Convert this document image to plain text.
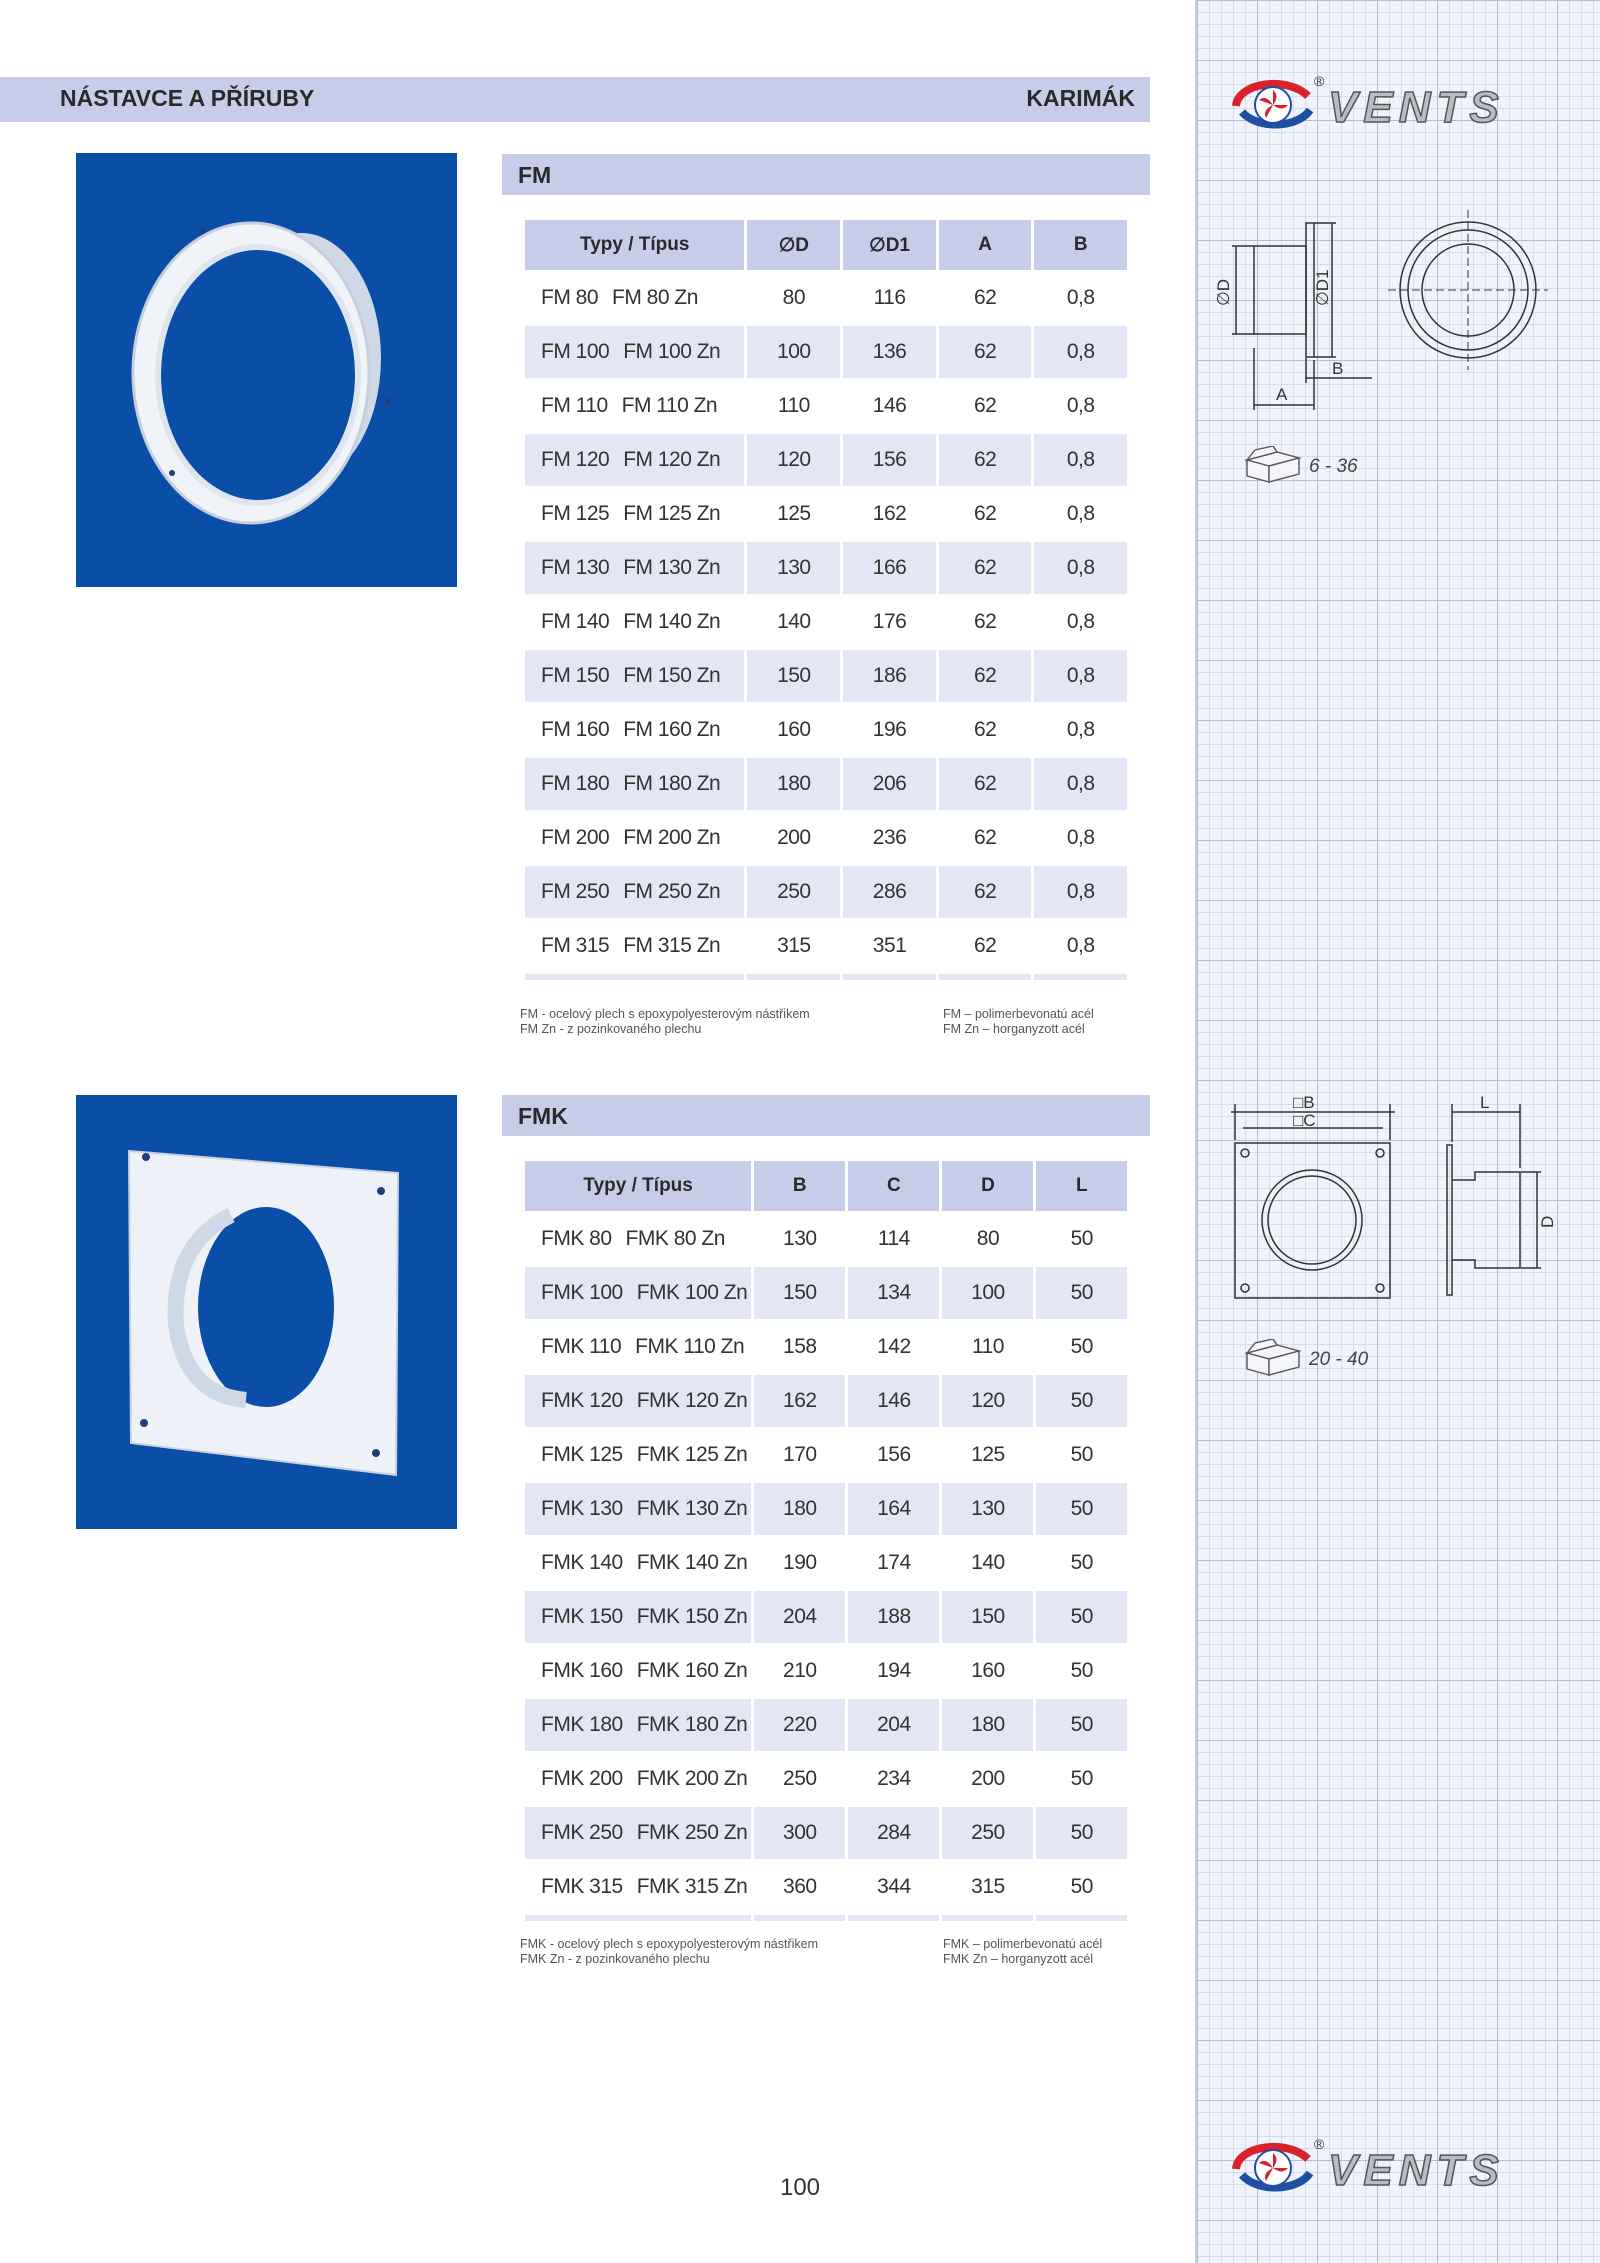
NÁSTAVCE A PŘÍRUBY	KARIMÁK
®
VENTS
®
VENTS
FM
Typy / Típus	∅D	∅D1	A	B
FM 80 FM 80 Zn	80	116	62	0,8
FM 100 FM 100 Zn	100	136	62	0,8
FM 110 FM 110 Zn	110	146	62	0,8
FM 120 FM 120 Zn	120	156	62	0,8
FM 125 FM 125 Zn	125	162	62	0,8
FM 130 FM 130 Zn	130	166	62	0,8
FM 140 FM 140 Zn	140	176	62	0,8
FM 150 FM 150 Zn	150	186	62	0,8
FM 160 FM 160 Zn	160	196	62	0,8
FM 180 FM 180 Zn	180	206	62	0,8
FM 200 FM 200 Zn	200	236	62	0,8
FM 250 FM 250 Zn	250	286	62	0,8
FM 315 FM 315 Zn	315	351	62	0,8

FM - ocelový plech s epoxypolyesterovým nástřikem
FM Zn - z pozinkovaného plechu
FM – polimerbevonatú acél
FM Zn – horganyzott acél
FMK
Typy / Típus	B	C	D	L
FMK 80 FMK 80 Zn	130	114	80	50
FMK 100 FMK 100 Zn	150	134	100	50
FMK 110 FMK 110 Zn	158	142	110	50
FMK 120 FMK 120 Zn	162	146	120	50
FMK 125 FMK 125 Zn	170	156	125	50
FMK 130 FMK 130 Zn	180	164	130	50
FMK 140 FMK 140 Zn	190	174	140	50
FMK 150 FMK 150 Zn	204	188	150	50
FMK 160 FMK 160 Zn	210	194	160	50
FMK 180 FMK 180 Zn	220	204	180	50
FMK 200 FMK 200 Zn	250	234	200	50
FMK 250 FMK 250 Zn	300	284	250	50
FMK 315 FMK 315 Zn	360	344	315	50

FMK - ocelový plech s epoxypolyesterovým nástřikem
FMK Zn - z pozinkovaného plechu
FMK – polimerbevonatú acél
FMK Zn – horganyzott acél
∅D	∅D1
A
B
□B
□C
L
D
6 - 36
20 - 40
100
